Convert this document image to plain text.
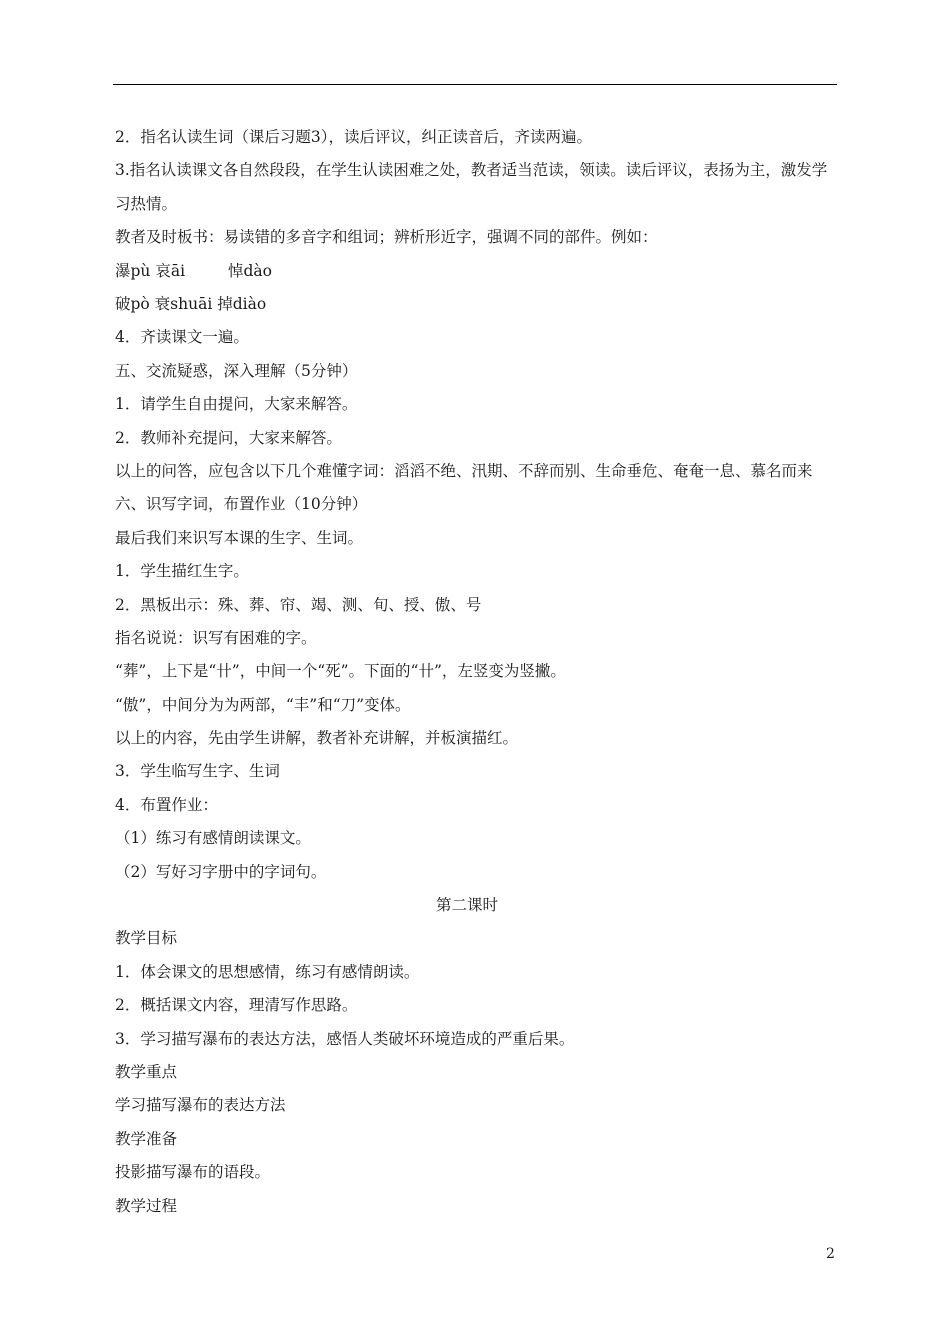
2．指名认读生词（课后习题3），读后评议，纠正读音后，齐读两遍。
3.指名认读课文各自然段段，在学生认读困难之处，教者适当范读，领读。读后评议，表扬为主，激发学习热情。
教者及时板书：易读错的多音字和组词；辨析形近字，强调不同的部件。例如：
瀑pù 哀āi	悼dào
破pò 衰shuāi 掉diào
4．齐读课文一遍。
五、交流疑惑，深入理解（5分钟）
1．请学生自由提问，大家来解答。
2．教师补充提问，大家来解答。
以上的问答，应包含以下几个难懂字词：滔滔不绝、汛期、不辞而别、生命垂危、奄奄一息、慕名而来
六、识写字词，布置作业（10分钟）
最后我们来识写本课的生字、生词。
1．学生描红生字。
2．黑板出示：殊、葬、帘、竭、测、旬、授、傲、号
指名说说：识写有困难的字。
“葬”，上下是“卄”，中间一个“死”。下面的“卄”，左竖变为竖撇。
“傲”，中间分为为两部，“丰”和“刀”变体。
以上的内容，先由学生讲解，教者补充讲解，并板演描红。
3．学生临写生字、生词
4．布置作业：
（1）练习有感情朗读课文。
（2）写好习字册中的字词句。
第二课时
教学目标
1．体会课文的思想感情，练习有感情朗读。
2．概括课文内容，理清写作思路。
3．学习描写瀑布的表达方法，感悟人类破坏环境造成的严重后果。
教学重点
学习描写瀑布的表达方法
教学准备
投影描写瀑布的语段。
教学过程
2
